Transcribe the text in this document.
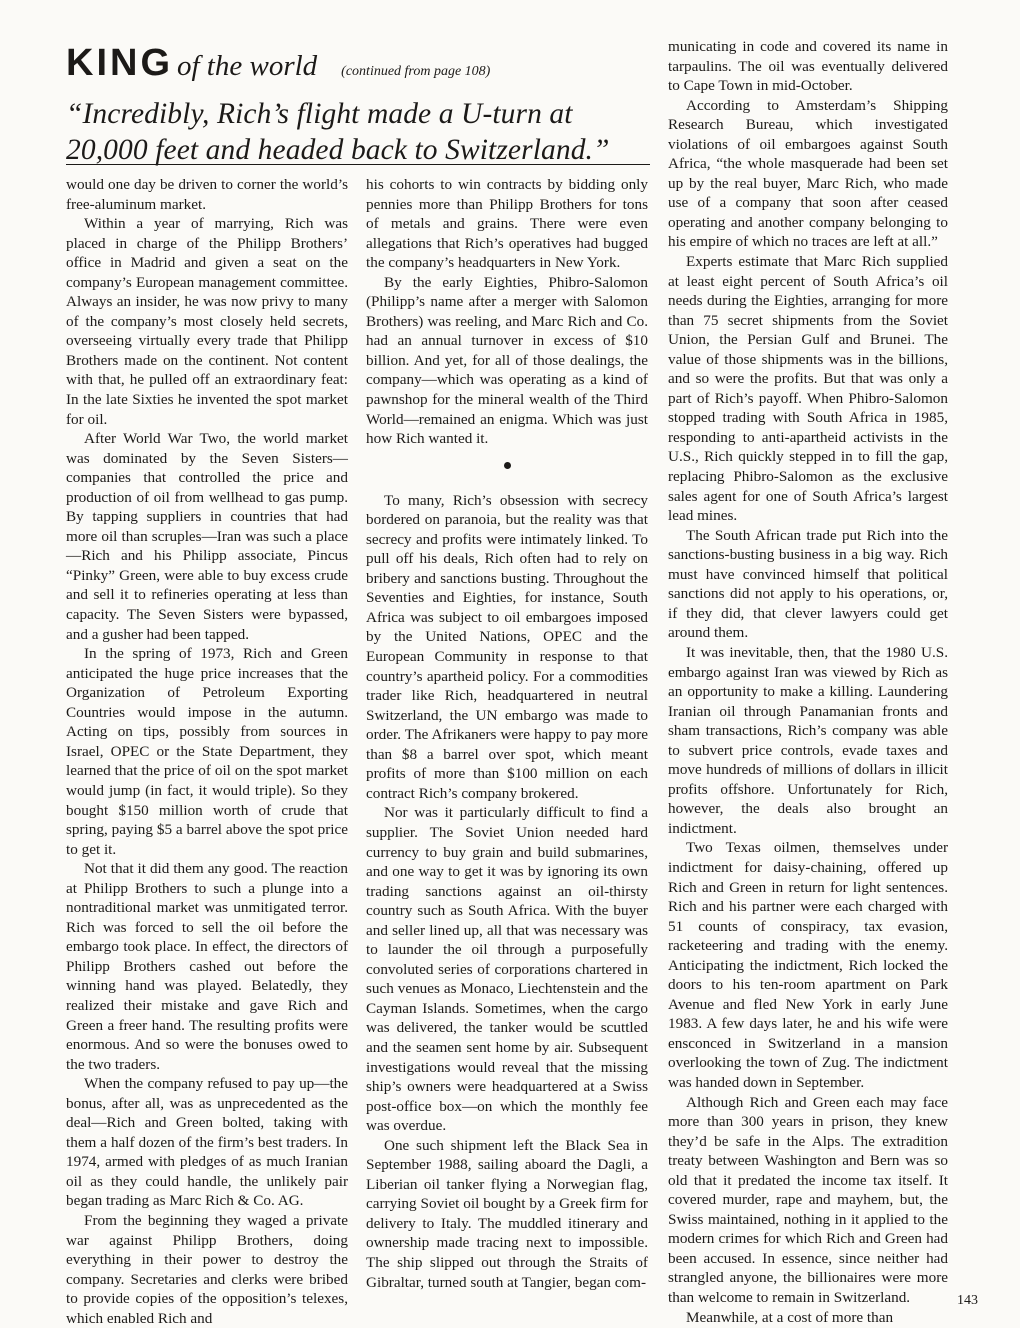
KING of the world (continued from page 108)
“Incredibly, Rich’s flight made a U-turn at 20,000 feet and headed back to Switzerland.”

would one day be driven to corner the world’s free-aluminum market.

Within a year of marrying, Rich was placed in charge of the Philipp Brothers’ office in Madrid and given a seat on the company’s European management committee. Always an insider, he was now privy to many of the company’s most closely held secrets, overseeing virtually every trade that Philipp Brothers made on the continent. Not content with that, he pulled off an extraordinary feat: In the late Sixties he invented the spot market for oil.

After World War Two, the world market was dominated by the Seven Sisters—companies that controlled the price and production of oil from wellhead to gas pump. By tapping suppliers in countries that had more oil than scruples—Iran was such a place—Rich and his Philipp associate, Pincus “Pinky” Green, were able to buy excess crude and sell it to refineries operating at less than capacity. The Seven Sisters were bypassed, and a gusher had been tapped.

In the spring of 1973, Rich and Green anticipated the huge price increases that the Organization of Petroleum Exporting Countries would impose in the autumn. Acting on tips, possibly from sources in Israel, OPEC or the State Department, they learned that the price of oil on the spot market would jump (in fact, it would triple). So they bought $150 million worth of crude that spring, paying $5 a barrel above the spot price to get it.

Not that it did them any good. The reaction at Philipp Brothers to such a plunge into a nontraditional market was unmitigated terror. Rich was forced to sell the oil before the embargo took place. In effect, the directors of Philipp Brothers cashed out before the winning hand was played. Belatedly, they realized their mistake and gave Rich and Green a freer hand. The resulting profits were enormous. And so were the bonuses owed to the two traders.

When the company refused to pay up—the bonus, after all, was as unprecedented as the deal—Rich and Green bolted, taking with them a half dozen of the firm’s best traders. In 1974, armed with pledges of as much Iranian oil as they could handle, the unlikely pair began trading as Marc Rich & Co. AG.

From the beginning they waged a private war against Philipp Brothers, doing everything in their power to destroy the company. Secretaries and clerks were bribed to provide copies of the opposition’s telexes, which enabled Rich and

his cohorts to win contracts by bidding only pennies more than Philipp Brothers for tons of metals and grains. There were even allegations that Rich’s operatives had bugged the company’s headquarters in New York.

By the early Eighties, Phibro-Salomon (Philipp’s name after a merger with Salomon Brothers) was reeling, and Marc Rich and Co. had an annual turnover in excess of $10 billion. And yet, for all of those dealings, the company—which was operating as a kind of pawnshop for the mineral wealth of the Third World—remained an enigma. Which was just how Rich wanted it.

To many, Rich’s obsession with secrecy bordered on paranoia, but the reality was that secrecy and profits were intimately linked. To pull off his deals, Rich often had to rely on bribery and sanctions busting. Throughout the Seventies and Eighties, for instance, South Africa was subject to oil embargoes imposed by the United Nations, OPEC and the European Community in response to that country’s apartheid policy. For a commodities trader like Rich, headquartered in neutral Switzerland, the UN embargo was made to order. The Afrikaners were happy to pay more than $8 a barrel over spot, which meant profits of more than $100 million on each contract Rich’s company brokered.

Nor was it particularly difficult to find a supplier. The Soviet Union needed hard currency to buy grain and build submarines, and one way to get it was by ignoring its own trading sanctions against an oil-thirsty country such as South Africa. With the buyer and seller lined up, all that was necessary was to launder the oil through a purposefully convoluted series of corporations chartered in such venues as Monaco, Liechtenstein and the Cayman Islands. Sometimes, when the cargo was delivered, the tanker would be scuttled and the seamen sent home by air. Subsequent investigations would reveal that the missing ship’s owners were headquartered at a Swiss post-office box—on which the monthly fee was overdue.

One such shipment left the Black Sea in September 1988, sailing aboard the Dagli, a Liberian oil tanker flying a Norwegian flag, carrying Soviet oil bought by a Greek firm for delivery to Italy. The muddled itinerary and ownership made tracing next to impossible. The ship slipped out through the Straits of Gibraltar, turned south at Tangier, began com-

municating in code and covered its name in tarpaulins. The oil was eventually delivered to Cape Town in mid-October.

According to Amsterdam’s Shipping Research Bureau, which investigated violations of oil embargoes against South Africa, “the whole masquerade had been set up by the real buyer, Marc Rich, who made use of a company that soon after ceased operating and another company belonging to his empire of which no traces are left at all.”

Experts estimate that Marc Rich supplied at least eight percent of South Africa’s oil needs during the Eighties, arranging for more than 75 secret shipments from the Soviet Union, the Persian Gulf and Brunei. The value of those shipments was in the billions, and so were the profits. But that was only a part of Rich’s payoff. When Phibro-Salomon stopped trading with South Africa in 1985, responding to anti-apartheid activists in the U.S., Rich quickly stepped in to fill the gap, replacing Phibro-Salomon as the exclusive sales agent for one of South Africa’s largest lead mines.

The South African trade put Rich into the sanctions-busting business in a big way. Rich must have convinced himself that political sanctions did not apply to his operations, or, if they did, that clever lawyers could get around them.

It was inevitable, then, that the 1980 U.S. embargo against Iran was viewed by Rich as an opportunity to make a killing. Laundering Iranian oil through Panamanian fronts and sham transactions, Rich’s company was able to subvert price controls, evade taxes and move hundreds of millions of dollars in illicit profits offshore. Unfortunately for Rich, however, the deals also brought an indictment.

Two Texas oilmen, themselves under indictment for daisy-chaining, offered up Rich and Green in return for light sentences. Rich and his partner were each charged with 51 counts of conspiracy, tax evasion, racketeering and trading with the enemy. Anticipating the indictment, Rich locked the doors to his ten-room apartment on Park Avenue and fled New York in early June 1983. A few days later, he and his wife were ensconced in Switzerland in a mansion overlooking the town of Zug. The indictment was handed down in September.

Although Rich and Green each may face more than 300 years in prison, they knew they’d be safe in the Alps. The extradition treaty between Washington and Bern was so old that it predated the income tax itself. It covered murder, rape and mayhem, but, the Swiss maintained, nothing in it applied to the modern crimes for which Rich and Green had been accused. In essence, since neither had strangled anyone, the billionaires were more than welcome to remain in Switzerland.

Meanwhile, at a cost of more than

143
